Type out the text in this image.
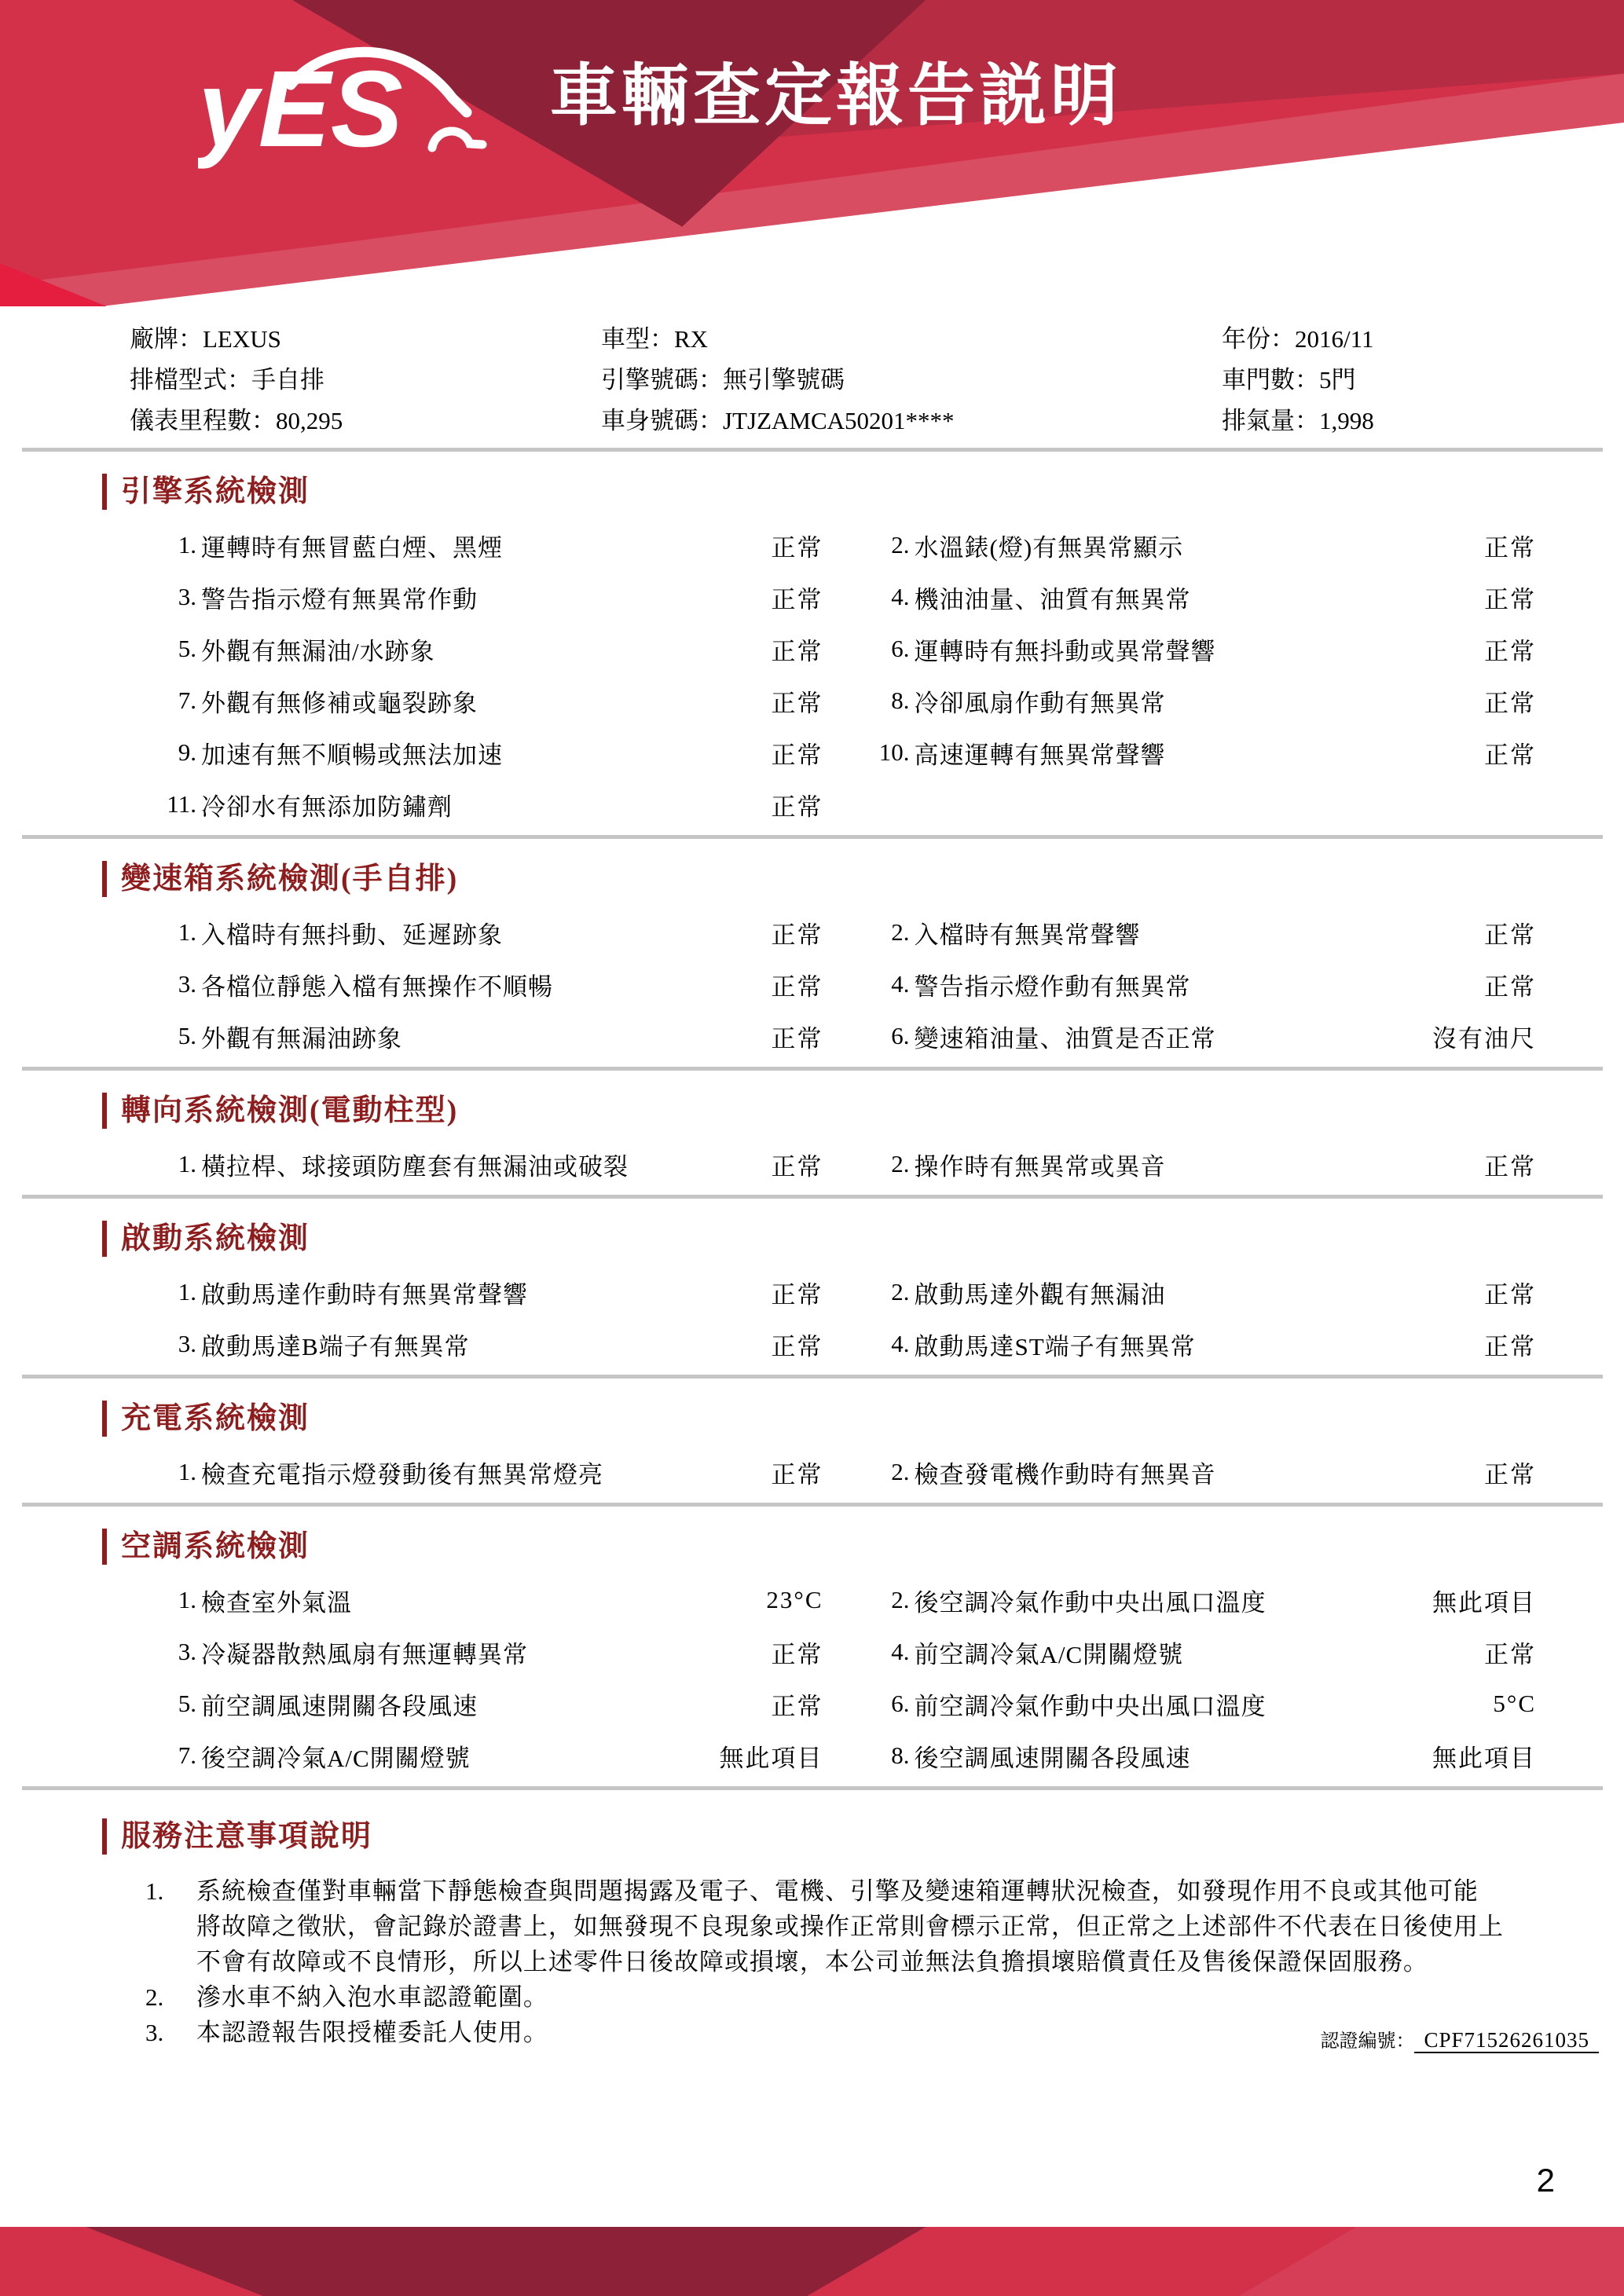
yES 車輛查定報告説明
廠牌：LEXUS	車型：RX	年份：2016/11
排檔型式：手自排	引擎號碼：無引擎號碼	車門數：5門
儀表里程數：80,295	車身號碼：JTJZAMCA50201****	排氣量：1,998
引擎系統檢測
1. 運轉時有無冒藍白煙、黑煙	正常	2. 水溫錶(燈)有無異常顯示	正常
3. 警告指示燈有無異常作動	正常	4. 機油油量、油質有無異常	正常
5. 外觀有無漏油/水跡象	正常	6. 運轉時有無抖動或異常聲響	正常
7. 外觀有無修補或龜裂跡象	正常	8. 冷卻風扇作動有無異常	正常
9. 加速有無不順暢或無法加速	正常	10. 高速運轉有無異常聲響	正常
11. 冷卻水有無添加防鏽劑	正常
變速箱系統檢測(手自排)
1. 入檔時有無抖動、延遲跡象	正常	2. 入檔時有無異常聲響	正常
3. 各檔位靜態入檔有無操作不順暢	正常	4. 警告指示燈作動有無異常	正常
5. 外觀有無漏油跡象	正常	6. 變速箱油量、油質是否正常	沒有油尺
轉向系統檢測(電動柱型)
1. 橫拉桿、球接頭防塵套有無漏油或破裂	正常	2. 操作時有無異常或異音	正常
啟動系統檢測
1. 啟動馬達作動時有無異常聲響	正常	2. 啟動馬達外觀有無漏油	正常
3. 啟動馬達B端子有無異常	正常	4. 啟動馬達ST端子有無異常	正常
充電系統檢測
1. 檢查充電指示燈發動後有無異常燈亮	正常	2. 檢查發電機作動時有無異音	正常
空調系統檢測
1. 檢查室外氣溫	23°C	2. 後空調冷氣作動中央出風口溫度	無此項目
3. 冷凝器散熱風扇有無運轉異常	正常	4. 前空調冷氣A/C開關燈號	正常
5. 前空調風速開關各段風速	正常	6. 前空調冷氣作動中央出風口溫度	5°C
7. 後空調冷氣A/C開關燈號	無此項目	8. 後空調風速開關各段風速	無此項目
服務注意事項說明
1.	系統檢查僅對車輛當下靜態檢查與問題揭露及電子、電機、引擎及變速箱運轉狀況檢查，如發現作用不良或其他可能
將故障之徵狀，會記錄於證書上，如無發現不良現象或操作正常則會標示正常，但正常之上述部件不代表在日後使用上
不會有故障或不良情形，所以上述零件日後故障或損壞，本公司並無法負擔損壞賠償責任及售後保證保固服務。
2.	滲水車不納入泡水車認證範圍。
3.	本認證報告限授權委託人使用。	認證編號： CPF71526261035
2
